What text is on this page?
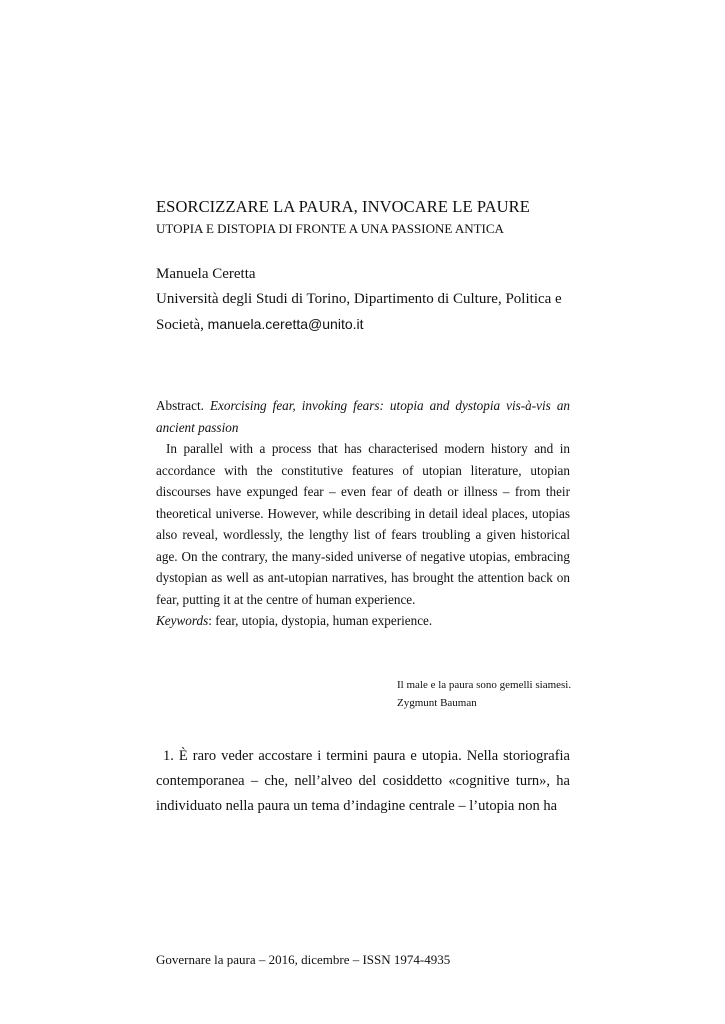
ESORCIZZARE LA PAURA, INVOCARE LE PAURE
UTOPIA E DISTOPIA DI FRONTE A UNA PASSIONE ANTICA
Manuela Ceretta
Università degli Studi di Torino, Dipartimento di Culture, Politica e Società, manuela.ceretta@unito.it

Abstract. Exorcising fear, invoking fears: utopia and dystopia vis-à-vis an ancient passion

In parallel with a process that has characterised modern history and in accordance with the constitutive features of utopian literature, utopian discourses have expunged fear – even fear of death or illness – from their theoretical universe. However, while describing in detail ideal places, utopias also reveal, wordlessly, the lengthy list of fears troubling a given historical age. On the contrary, the many-sided universe of negative utopias, embracing dystopian as well as ant-utopian narratives, has brought the attention back on fear, putting it at the centre of human experience.

Keywords: fear, utopia, dystopia, human experience.

Il male e la paura sono gemelli siamesi.
Zygmunt Bauman

1. È raro veder accostare i termini paura e utopia. Nella storiografia contemporanea – che, nell’alveo del cosiddetto «cognitive turn», ha individuato nella paura un tema d’indagine centrale – l’utopia non ha

Governare la paura – 2016, dicembre – ISSN 1974-4935
